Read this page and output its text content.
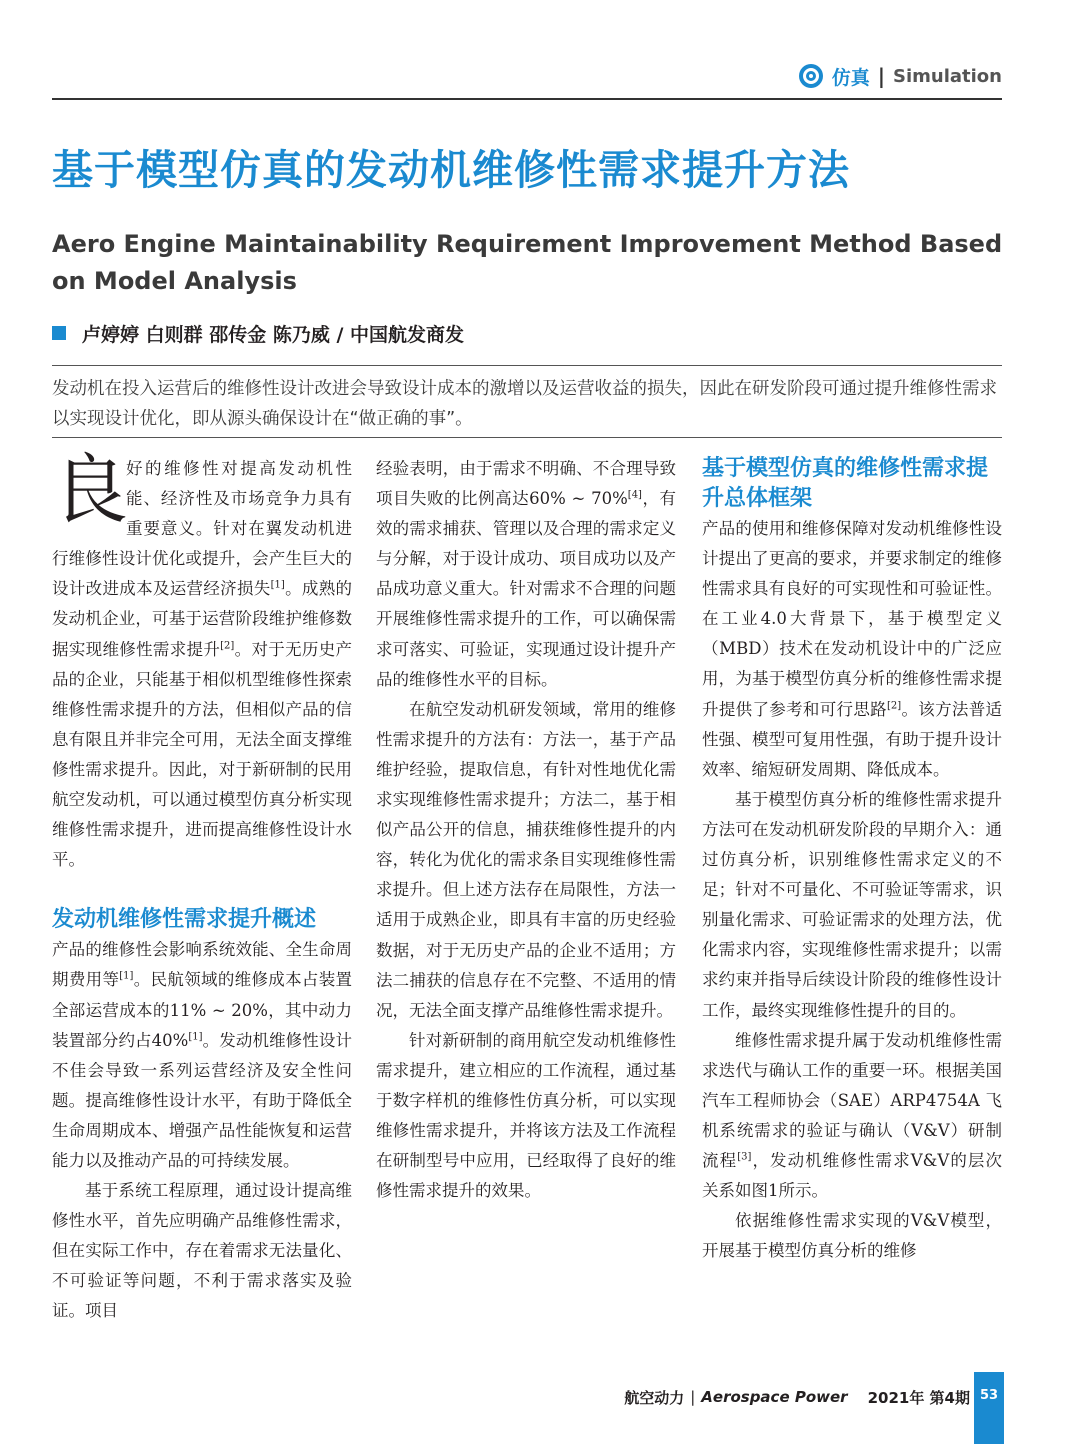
仿真 | Simulation
基于模型仿真的发动机维修性需求提升方法
Aero Engine Maintainability Requirement Improvement Method Based on Model Analysis
卢婷婷 白则群 邵传金 陈乃威 / 中国航发商发
发动机在投入运营后的维修性设计改进会导致设计成本的激增以及运营收益的损失，因此在研发阶段可通过提升维修性需求以实现设计优化，即从源头确保设计在“做正确的事”。

良
好的维修性对提高发动机性能、经济性及市场竞争力具有重要意义。针对在翼发动机进行维修性设计优化或提升，会产生巨大的设计改进成本及运营经济损失[1]。成熟的发动机企业，可基于运营阶段维护维修数据实现维修性需求提升[2]。对于无历史产品的企业，只能基于相似机型维修性探索维修性需求提升的方法，但相似产品的信息有限且并非完全可用，无法全面支撑维修性需求提升。因此，对于新研制的民用航空发动机，可以通过模型仿真分析实现维修性需求提升，进而提高维修性设计水平。

发动机维修性需求提升概述

产品的维修性会影响系统效能、全生命周期费用等[1]。民航领域的维修成本占装置全部运营成本的11% ~ 20%，其中动力装置部分约占40%[1]。发动机维修性设计不佳会导致一系列运营经济及安全性问题。提高维修性设计水平，有助于降低全生命周期成本、增强产品性能恢复和运营能力以及推动产品的可持续发展。

基于系统工程原理，通过设计提高维修性水平，首先应明确产品维修性需求，但在实际工作中，存在着需求无法量化、不可验证等问题，不利于需求落实及验证。项目

经验表明，由于需求不明确、不合理导致项目失败的比例高达60% ~ 70%[4]，有效的需求捕获、管理以及合理的需求定义与分解，对于设计成功、项目成功以及产品成功意义重大。针对需求不合理的问题开展维修性需求提升的工作，可以确保需求可落实、可验证，实现通过设计提升产品的维修性水平的目标。

在航空发动机研发领域，常用的维修性需求提升的方法有：方法一，基于产品维护经验，提取信息，有针对性地优化需求实现维修性需求提升；方法二，基于相似产品公开的信息，捕获维修性提升的内容，转化为优化的需求条目实现维修性需求提升。但上述方法存在局限性，方法一适用于成熟企业，即具有丰富的历史经验数据，对于无历史产品的企业不适用；方法二捕获的信息存在不完整、不适用的情况，无法全面支撑产品维修性需求提升。

针对新研制的商用航空发动机维修性需求提升，建立相应的工作流程，通过基于数字样机的维修性仿真分析，可以实现维修性需求提升，并将该方法及工作流程在研制型号中应用，已经取得了良好的维修性需求提升的效果。

基于模型仿真的维修性需求提升总体框架

产品的使用和维修保障对发动机维修性设计提出了更高的要求，并要求制定的维修性需求具有良好的可实现性和可验证性。在工业4.0大背景下，基于模型定义（MBD）技术在发动机设计中的广泛应用，为基于模型仿真分析的维修性需求提升提供了参考和可行思路[2]。该方法普适性强、模型可复用性强，有助于提升设计效率、缩短研发周期、降低成本。

基于模型仿真分析的维修性需求提升方法可在发动机研发阶段的早期介入：通过仿真分析，识别维修性需求定义的不足；针对不可量化、不可验证等需求，识别量化需求、可验证需求的处理方法，优化需求内容，实现维修性需求提升；以需求约束并指导后续设计阶段的维修性设计工作，最终实现维修性提升的目的。

维修性需求提升属于发动机维修性需求迭代与确认工作的重要一环。根据美国汽车工程师协会（SAE）ARP4754A 飞机系统需求的验证与确认（V&V）研制流程[3]，发动机维修性需求V&V的层次关系如图1所示。

依据维修性需求实现的V&V模型，开展基于模型仿真分析的维修

航空动力 | Aerospace Power 2021年 第4期 53
